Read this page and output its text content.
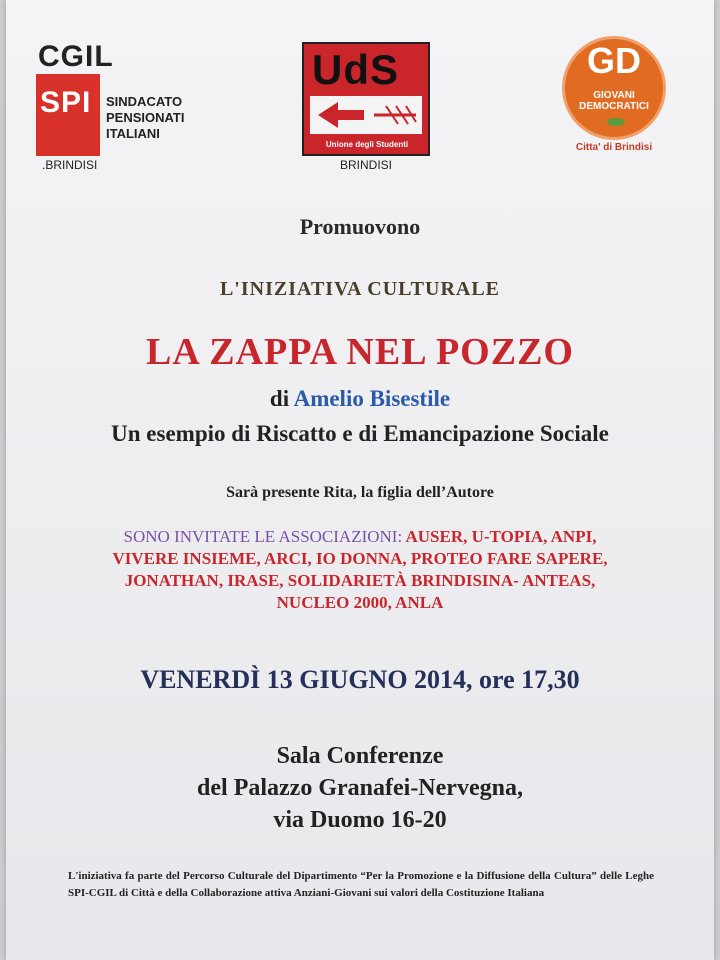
CGIL
SPI SINDACATO
PENSIONATI
ITALIANI
.BRINDISI
UdS
Unione degli Studenti
BRINDISI
GD
GIOVANI
DEMOCRATICI
Citta' di Brindisi
Promuovono
L'INIZIATIVA CULTURALE
LA ZAPPA NEL POZZO
di Amelio Bisestile
Un esempio di Riscatto e di Emancipazione Sociale
Sarà presente Rita, la figlia dell’Autore
SONO INVITATE LE ASSOCIAZIONI: AUSER, U-TOPIA, ANPI,
VIVERE INSIEME, ARCI, IO DONNA, PROTEO FARE SAPERE,
JONATHAN, IRASE, SOLIDARIETÀ BRINDISINA- ANTEAS,
NUCLEO 2000, ANLA
VENERDÌ 13 GIUGNO 2014, ore 17,30
Sala Conferenze
del Palazzo Granafei-Nervegna,
via Duomo 16-20
L'iniziativa fa parte del Percorso Culturale del Dipartimento “Per la Promozione e la Diffusione della Cultura” delle Leghe SPI-CGIL di Città e della Collaborazione attiva Anziani-Giovani sui valori della Costituzione Italiana
